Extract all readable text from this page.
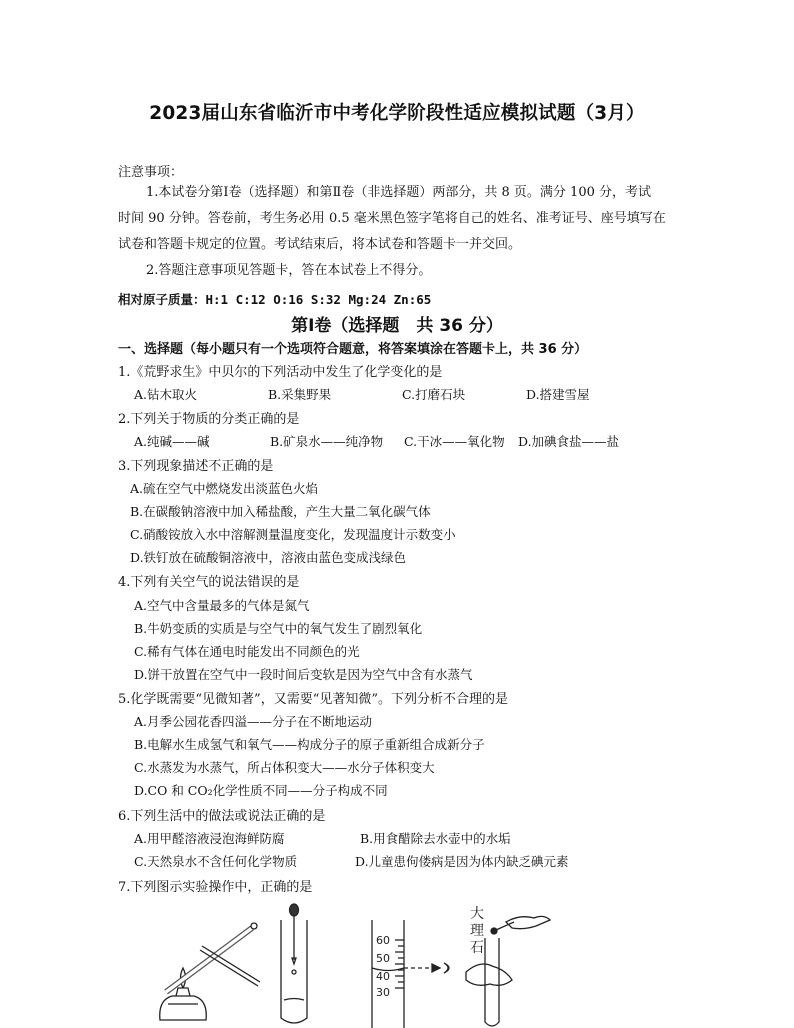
2023届山东省临沂市中考化学阶段性适应模拟试题（3月）
注意事项：
1.本试卷分第Ⅰ卷（选择题）和第Ⅱ卷（非选择题）两部分，共 8 页。满分 100 分，考试
时间 90 分钟。答卷前，考生务必用 0.5 毫米黑色签字笔将自己的姓名、准考证号、座号填写在
试卷和答题卡规定的位置。考试结束后，将本试卷和答题卡一并交回。
2.答题注意事项见答题卡，答在本试卷上不得分。
相对原子质量：H:1 C:12 O:16 S:32 Mg:24 Zn:65
第Ⅰ卷（选择题　共 36 分）
一、选择题（每小题只有一个选项符合题意，将答案填涂在答题卡上，共 36 分）
1.《荒野求生》中贝尔的下列活动中发生了化学变化的是
A.钻木取火	B.采集野果	C.打磨石块	D.搭建雪屋
2.下列关于物质的分类正确的是
A.纯碱——碱	B.矿泉水——纯净物 C.干冰——氧化物 D.加碘食盐——盐
3.下列现象描述不正确的是
A.硫在空气中燃烧发出淡蓝色火焰
B.在碳酸钠溶液中加入稀盐酸，产生大量二氧化碳气体
C.硝酸铵放入水中溶解测量温度变化，发现温度计示数变小
D.铁钉放在硫酸铜溶液中，溶液由蓝色变成浅绿色
4.下列有关空气的说法错误的是
A.空气中含量最多的气体是氮气
B.牛奶变质的实质是与空气中的氧气发生了剧烈氧化
C.稀有气体在通电时能发出不同颜色的光
D.饼干放置在空气中一段时间后变软是因为空气中含有水蒸气
5.化学既需要“见微知著”，又需要“见著知微”。下列分析不合理的是
A.月季公园花香四溢——分子在不断地运动
B.电解水生成氢气和氧气——构成分子的原子重新组合成新分子
C.水蒸发为水蒸气，所占体积变大——水分子体积变大
D.CO 和 CO₂化学性质不同——分子构成不同
6.下列生活中的做法或说法正确的是
A.用甲醛溶液浸泡海鲜防腐	B.用食醋除去水壶中的水垢
C.天然泉水不含任何化学物质	D.儿童患佝偻病是因为体内缺乏碘元素
7.下列图示实验操作中，正确的是
60
50
40
30
大
理
石
